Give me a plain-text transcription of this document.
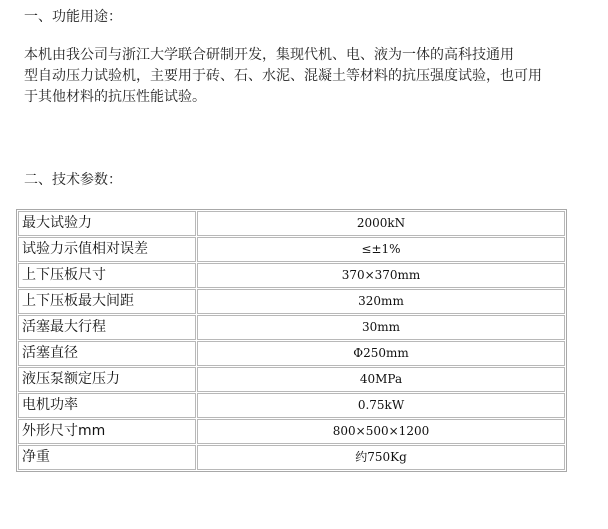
一、功能用途：
本机由我公司与浙江大学联合研制开发，集现代机、电、液为一体的高科技通用
型自动压力试验机，主要用于砖、石、水泥、混凝土等材料的抗压强度试验，也可用
于其他材料的抗压性能试验。
二、技术参数：
最大试验力	2000kN
试验力示值相对误差	≤±1%
上下压板尺寸	370×370mm
上下压板最大间距	320mm
活塞最大行程	30mm
活塞直径	Φ250mm
液压泵额定压力	40MPa
电机功率	0.75kW
外形尺寸mm	800×500×1200
净重	约750Kg
